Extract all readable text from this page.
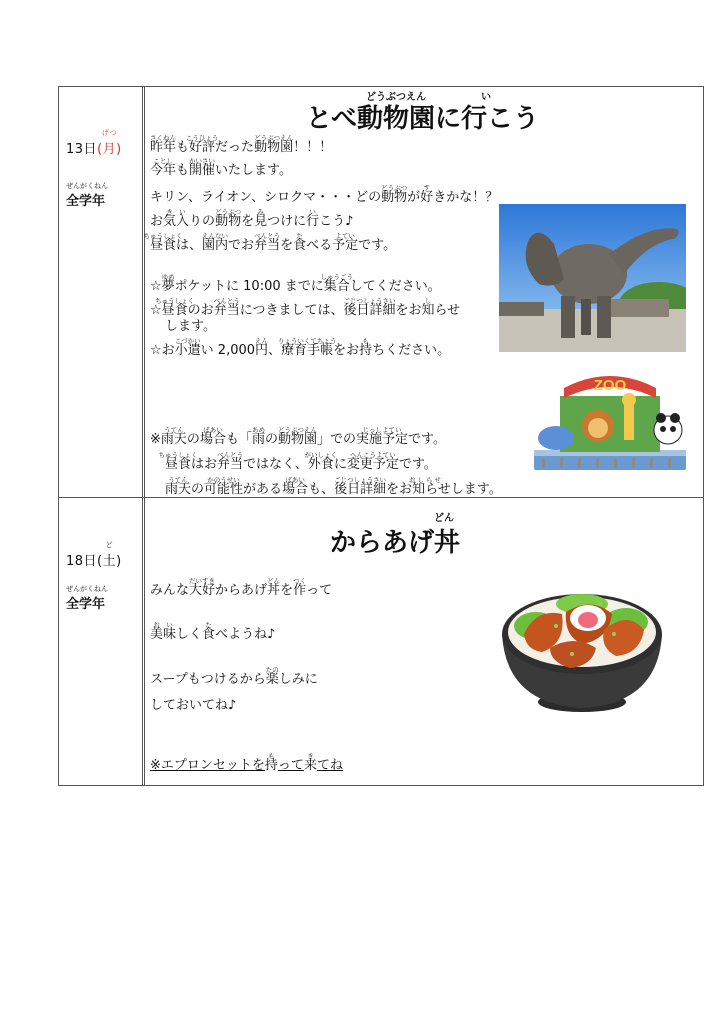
13日(月)
げつ
ぜんがくねん
全学年
とべ動物園に行こう
どうぶつえん	い
昨年
さくねん
も好評
こうひょう
だった動物園
どうぶつえん
！！！
今年
ことし
も開催
かいさい
いたします。
キリン、ライオン、シロクマ・・・どの動物
どうぶつ
が好
す
きかな！？
お気
き
入
い
りの動物
どうぶつ
を見
み
つけに行
い
こう♪
昼食
ちゅうしょく
は、園内
えんない
でお弁当
べんとう
を食
た
べる予定
よてい
です。
☆夢
ゆめ
ポケットに 10:00 までに集合
しゅうごう
してください。
☆昼食
ちゅうしょく
のお弁当
べんとう
につきましては、後日詳細
ごじつしょうさい
をお知
し
らせ
します。
☆お小遣
こづかい
い 2,000円
えん
、療育手帳
りょういくてちょう
をお持
も
ちください。
※雨天
うてん
の場合
ばあい
も「雨
あめ
の動物園
どうぶつえん
」での実施予定
じっしよてい
です。
昼食
ちゅうしょく
はお弁当
べんとう
ではなく、外食
がいしょく
に変更予定
へんこうよてい
です。
雨天
うてん
の可能性
かのうせい
がある場合
ばあい
も、後日詳細
ごじつしょうさい
をお知らせ
お し ら せ
します。
ZOO
18日(土)
ど
ぜんがくねん
全学年
からあげ丼
どん
みんな大好
だいすき
からあげ丼
どん
を作
つく
って
美
お
味
い
しく食
た
べようね♪
スープもつけるから楽
たの
しみに
しておいてね♪
※エプロンセットを持
も
って来
き
てね
